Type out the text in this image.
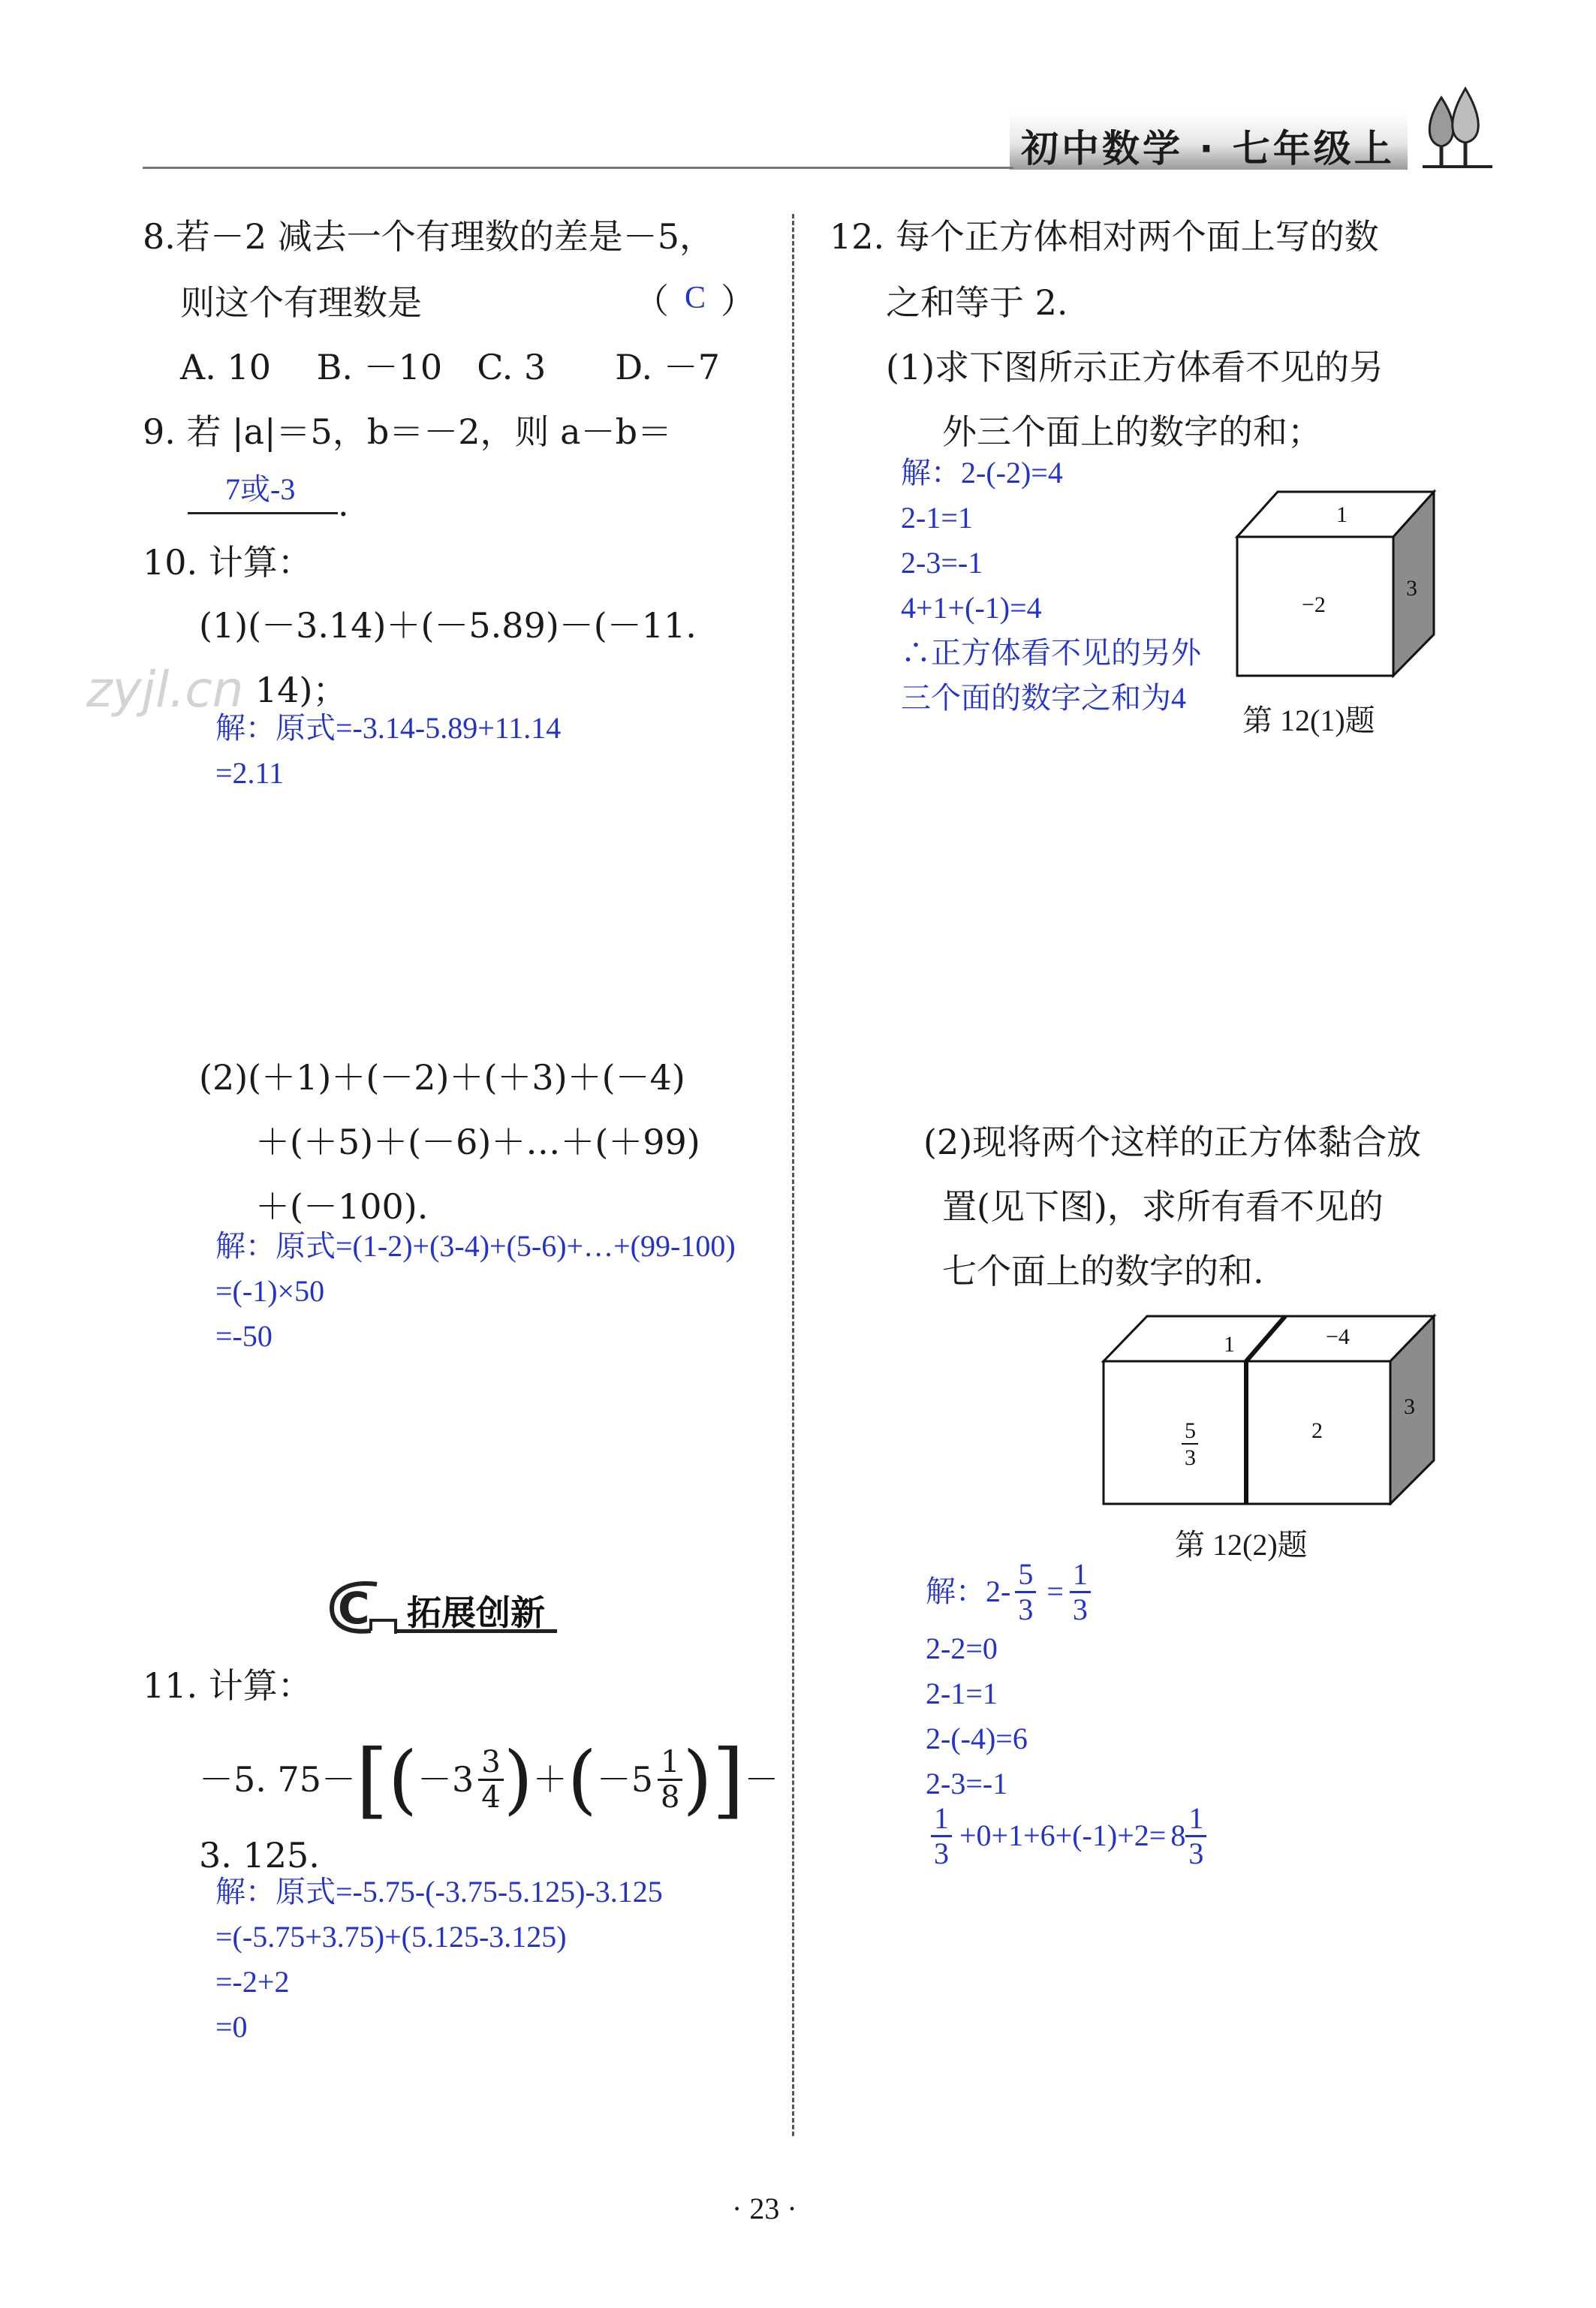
初中数学 · 七年级上
zyjl.cn
8.若－2 减去一个有理数的差是－5，
则这个有理数是	（ C ）
A. 10　 B. －10　C. 3　　D. －7
9. 若 |a|＝5，b＝－2，则 a－b＝
7或-3 .
10. 计算：
(1)(－3.14)＋(－5.89)－(－11.
14)；
解：原式=-3.14-5.89+11.14
=2.11
(2)(＋1)＋(－2)＋(＋3)＋(－4)
＋(＋5)＋(－6)＋…＋(＋99)
＋(－100).
解：原式=(1-2)+(3-4)+(5-6)+…+(99-100)
=(-1)×50
=-50
C 拓展创新
11. 计算：
－5. 75－ [ ( $-3 \frac{3}{4}$ ) ＋ ( $-5 \frac{1}{8}$ ) ] －
3. 125.
解：原式=-5.75-(-3.75-5.125)-3.125
=(-5.75+3.75)+(5.125-3.125)
=-2+2
=0
12. 每个正方体相对两个面上写的数
之和等于 2.
(1)求下图所示正方体看不见的另
外三个面上的数字的和；
解：2-(-2)=4
2-1=1
2-3=-1
4+1+(-1)=4
∴正方体看不见的另外
三个面的数字之和为4
1
−2
3
第 12(1)题
(2)现将两个这样的正方体黏合放
置(见下图)，求所有看不见的
七个面上的数字的和.
1	−4
5
3
2
3
第 12(2)题
解：$2- \frac{5}{3} = \frac{1}{3}$
2-2=0
2-1=1
2-(-4)=6
2-3=-1
$\frac{1}{3} +0+1+6+(-1)+2= 8 \frac{1}{3}$
· 23 ·
